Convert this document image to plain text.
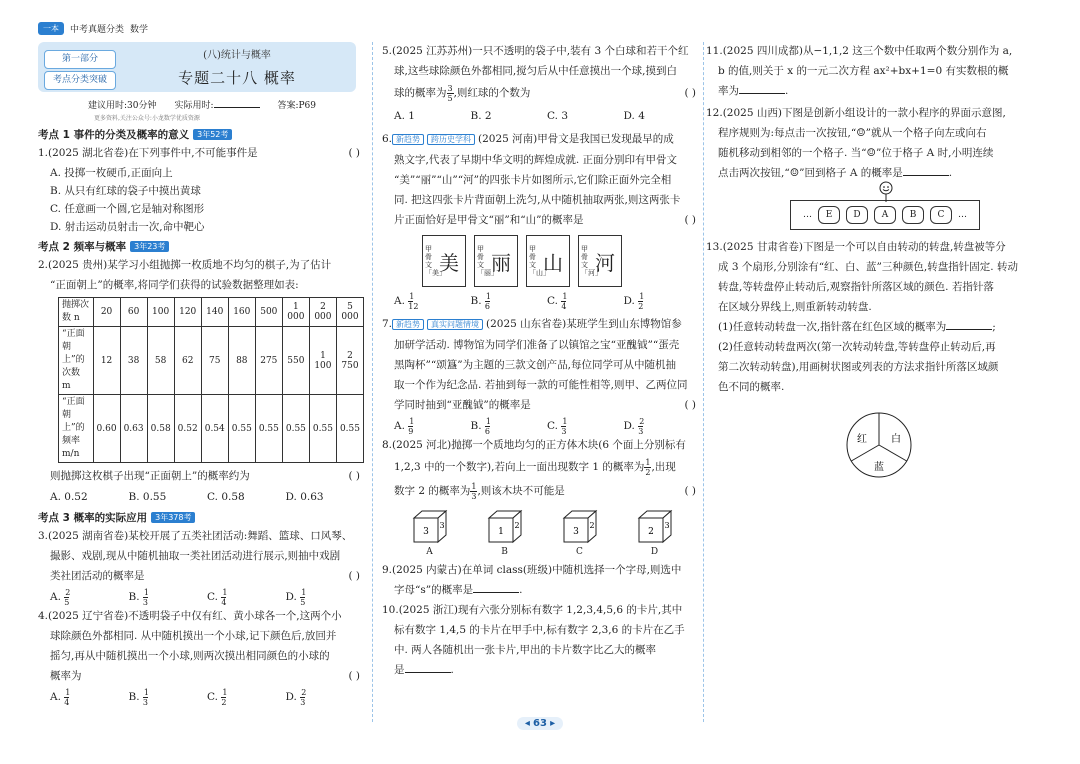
一本	中考真题分类 数学
第一部分
考点分类突破
(八)统计与概率
专题二十八 概率
建议用时:30分钟 实际用时:	答案:P69
更多资料,关注公众号:小龙数学优质资源
考点 1 事件的分类及概率的意义	3年52考
1.(2025 湖北省卷)在下列事件中,不可能事件是	( )
A. 投掷一枚硬币,正面向上
B. 从只有红球的袋子中摸出黄球
C. 任意画一个圆,它是轴对称图形
D. 射击运动员射击一次,命中靶心
考点 2 频率与概率	3年23考
2.(2025 贵州)某学习小组抛掷一枚质地不均匀的棋子,为了估计
“正面朝上”的概率,将同学们获得的试验数据整理如表:
抛掷次数 n	20	60	100	120	140	160	500	1 000	2 000	5 000
“正面朝上”的次数 m	12	38	58	62	75	88	275	550	1 100	2 750
“正面朝上”的频率 m/n	0.60	0.63	0.58	0.52	0.54	0.55	0.55	0.55	0.55	0.55
则抛掷这枚棋子出现“正面朝上”的概率约为	( )
A. 0.52	B. 0.55	C. 0.58	D. 0.63
考点 3 概率的实际应用	3年378考
3.(2025 湖南省卷)某校开展了五类社团活动:舞蹈、篮球、口风琴、
撮影、戏剧,现从中随机抽取一类社团活动进行展示,则抽中戏剧
类社团活动的概率是	( )
A. $\frac{2}{5}$	B. $\frac{1}{3}$	C. $\frac{1}{4}$	D. $\frac{1}{5}$
4.(2025 辽宁省卷)不透明袋子中仅有红、黄小球各一个,这两个小
球除颜色外都相同. 从中随机摸出一个小球,记下颜色后,放回并
摇匀,再从中随机摸出一个小球,则两次摸出相同颜色的小球的
概率为	( )
A. $\frac{1}{4}$	B. $\frac{1}{3}$	C. $\frac{1}{2}$	D. $\frac{2}{3}$
5.(2025 江苏苏州)一只不透明的袋子中,装有 3 个白球和若干个红
球,这些球除颜色外都相同,搅匀后从中任意摸出一个球,摸到白
球的概率为 $\frac{3}{5}$ ,则红球的个数为	( )
A. 1	B. 2	C. 3	D. 4
6. 新趋势 跨历史学科 (2025 河南)甲骨文是我国已发现最早的成
熟文字,代表了早期中华文明的辉煌成就. 正面分别印有甲骨文
“美”“丽”“山”“河”的四张卡片如图所示,它们除正面外完全相
同. 把这四张卡片背面朝上洗匀,从中随机抽取两张,则这两张卡
片正面恰好是甲骨文“丽”和“山”的概率是	( )
甲骨文「美」
美
甲骨文「丽」
丽
甲骨文「山」
山
甲骨文「河」
河
A. $\frac{1}{12}$	B. $\frac{1}{6}$	C. $\frac{1}{4}$	D. $\frac{1}{2}$
7. 新趋势 真实问题情境 (2025 山东省卷)某班学生到山东博物馆参
加研学活动. 博物馆为同学们准备了以镇馆之宝“亚醜钺”“蛋壳
黑陶杯”“颂簋”为主题的三款文创产品,每位同学可从中随机抽
取一个作为纪念品. 若抽到每一款的可能性相等,则甲、乙两位同
学同时抽到“亚醜钺”的概率是	( )
A. $\frac{1}{9}$	B. $\frac{1}{6}$	C. $\frac{1}{3}$	D. $\frac{2}{3}$
8.(2025 河北)抛掷一个质地均匀的正方体木块(6 个面上分别标有
1,2,3 中的一个数字),若向上一面出现数字 1 的概率为 $\frac{1}{2}$ ,出现
数字 2 的概率为 $\frac{1}{3}$ ,则该木块不可能是	( )
3
3
A
1
2
B
3
2
C
2
3
D
9.(2025 内蒙古)在单词 class(班级)中随机选择一个字母,则选中
字母“s”的概率是	.
10.(2025 浙江)现有六张分别标有数字 1,2,3,4,5,6 的卡片,其中
标有数字 1,4,5 的卡片在甲手中,标有数字 2,3,6 的卡片在乙手
中. 两人各随机出一张卡片,甲出的卡片数字比乙大的概率
是	.
11.(2025 四川成都)从−1,1,2 这三个数中任取两个数分别作为 a,
b 的值,则关于 x 的一元二次方程 ax²+bx+1=0 有实数根的概
率为	.
12.(2025 山西)下图是创新小组设计的一款小程序的界面示意图,
程序规则为:每点击一次按钮,“☺”就从一个格子向左或向右
随机移动到相邻的一个格子. 当“☺”位于格子 A 时,小明连续
点击两次按钮,“☺”回到格子 A 的概率是	.
…	E	D	A	B	C	…
13.(2025 甘肃省卷)下图是一个可以自由转动的转盘,转盘被等分
成 3 个扇形,分别涂有“红、白、蓝”三种颜色,转盘指针固定. 转动
转盘,等转盘停止转动后,观察指针所落区域的颜色. 若指针落
在区域分界线上,则重新转动转盘.
(1)任意转动转盘一次,指针落在红色区域的概率为	;
(2)任意转动转盘两次(第一次转动转盘,等转盘停止转动后,再
第二次转动转盘),用画树状图或列表的方法求指针所落区域颜
色不同的概率.
红 白
蓝
◂ 63 ▸
